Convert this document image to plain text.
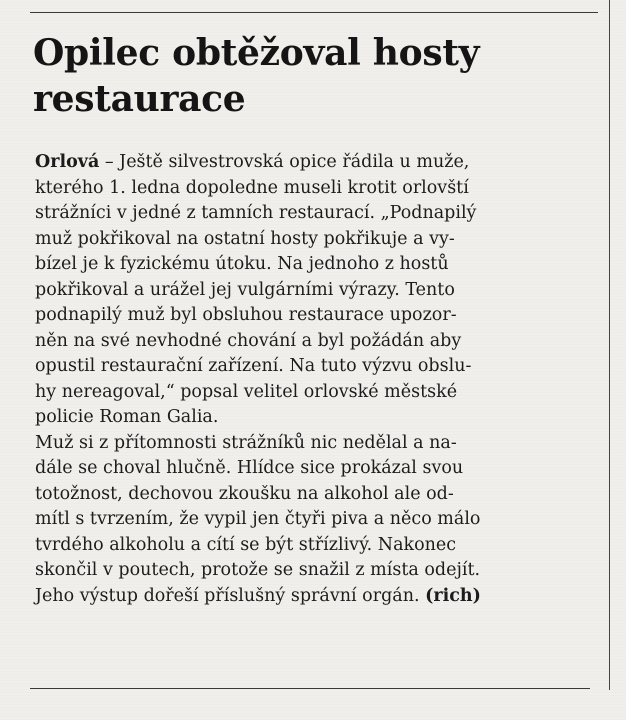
Opilec obtěžoval hosty
restaurace
Orlová – Ještě silvestrovská opice řádila u muže,
kterého 1. ledna dopoledne museli krotit orlovští
strážníci v jedné z tamních restaurací. „Podnapilý
muž pokřikoval na ostatní hosty pokřikuje a vy-
bízel je k fyzickému útoku. Na jednoho z hostů
pokřikoval a urážel jej vulgárními výrazy. Tento
podnapilý muž byl obsluhou restaurace upozor-
něn na své nevhodné chování a byl požádán aby
opustil restaurační zařízení. Na tuto výzvu obslu-
hy nereagoval,“ popsal velitel orlovské městské
policie Roman Galia.
Muž si z přítomnosti strážníků nic nedělal a na-
dále se choval hlučně. Hlídce sice prokázal svou
totožnost, dechovou zkoušku na alkohol ale od-
mítl s tvrzením, že vypil jen čtyři piva a něco málo
tvrdého alkoholu a cítí se být střízlivý. Nakonec
skončil v poutech, protože se snažil z místa odejít.
Jeho výstup dořeší příslušný správní orgán. (rich)
